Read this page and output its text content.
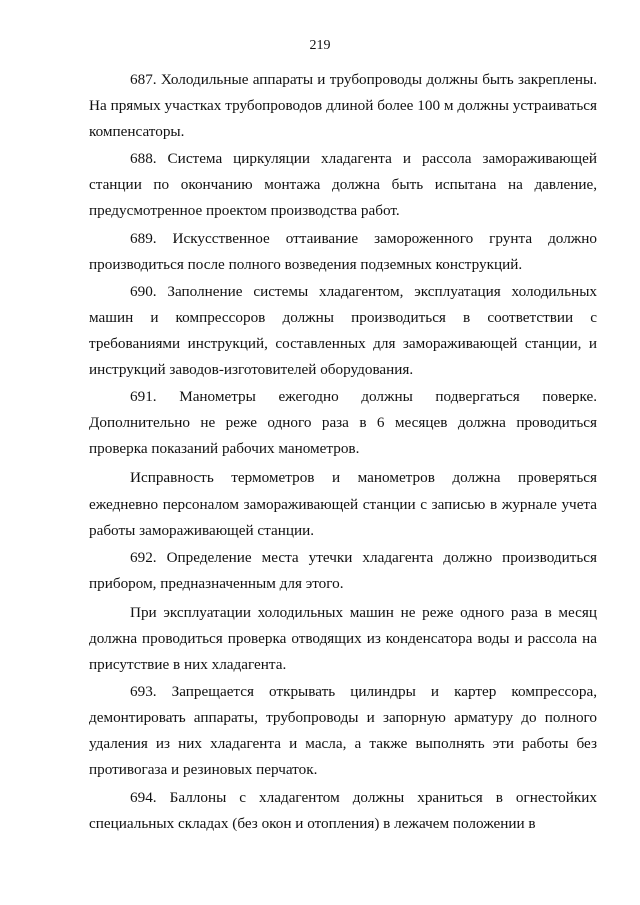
219

687. Холодильные аппараты и трубопроводы должны быть закреплены. На прямых участках трубопроводов длиной более 100 м должны устраиваться компенсаторы.

688. Система циркуляции хладагента и рассола замораживающей станции по окончанию монтажа должна быть испытана на давление, предусмотренное проектом производства работ.

689. Искусственное оттаивание замороженного грунта должно производиться после полного возведения подземных конструкций.

690. Заполнение системы хладагентом, эксплуатация холодильных машин и компрессоров должны производиться в соответствии с требованиями инструкций, составленных для замораживающей станции, и инструкций заводов-изготовителей оборудования.

691. Манометры ежегодно должны подвергаться поверке. Дополнительно не реже одного раза в 6 месяцев должна проводиться проверка показаний рабочих манометров.

Исправность термометров и манометров должна проверяться ежедневно персоналом замораживающей станции с записью в журнале учета работы замораживающей станции.

692. Определение места утечки хладагента должно производиться прибором, предназначенным для этого.

При эксплуатации холодильных машин не реже одного раза в месяц должна проводиться проверка отводящих из конденсатора воды и рассола на присутствие в них хладагента.

693. Запрещается открывать цилиндры и картер компрессора, демонтировать аппараты, трубопроводы и запорную арматуру до полного удаления из них хладагента и масла, а также выполнять эти работы без противогаза и резиновых перчаток.

694. Баллоны с хладагентом должны храниться в огнестойких специальных складах (без окон и отопления) в лежачем положении в
